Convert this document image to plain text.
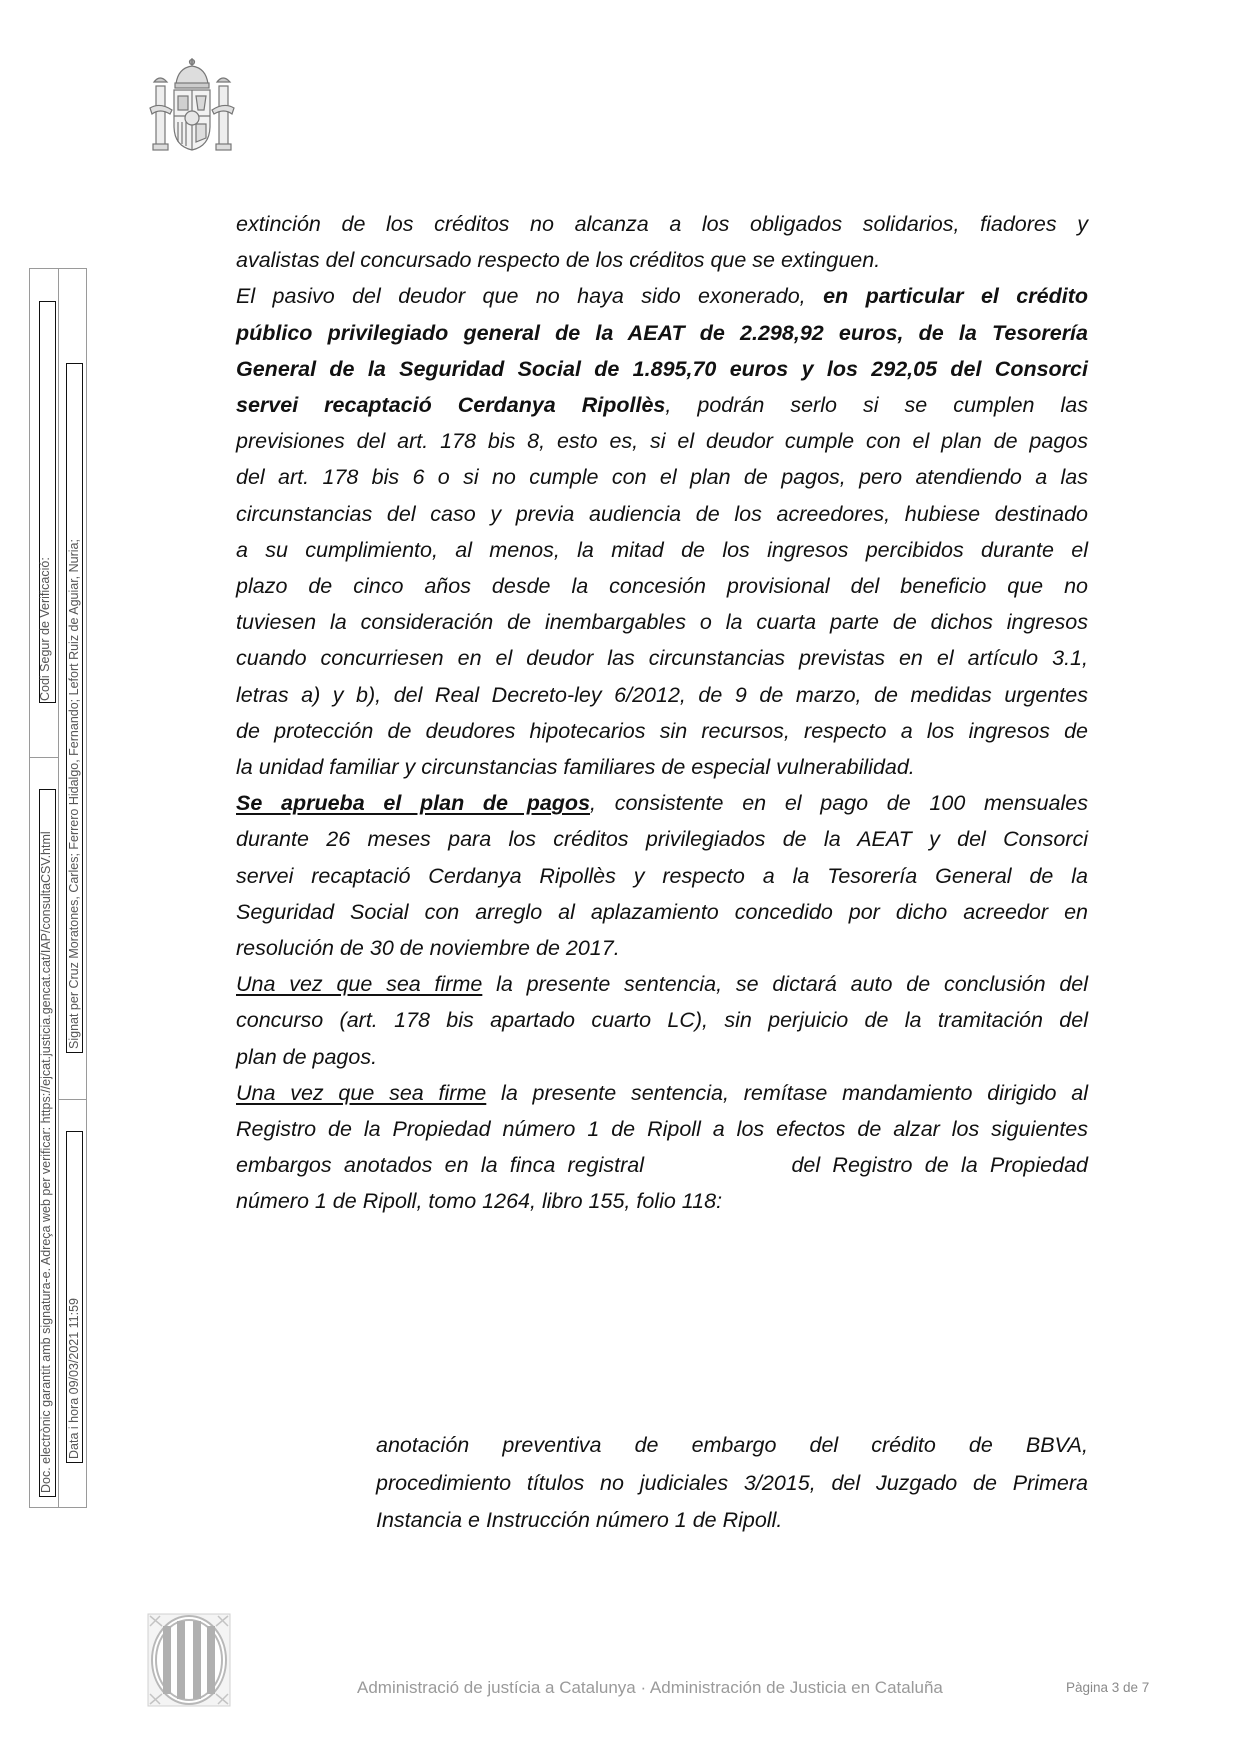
Codi Segur de Verificació:
Doc. electrònic garantit amb signatura-e. Adreça web per verificar: https://ejcat.justicia.gencat.cat/IAP/consultaCSV.html
Signat per Cruz Moratones, Carles; Ferrero Hidalgo, Fernando; Lefort Ruiz de Aguiar, Nuria;
Data i hora 09/03/2021 11:59
extinción de los créditos no alcanza a los obligados solidarios, fiadores y
avalistas del concursado respecto de los créditos que se extinguen.
El pasivo del deudor que no haya sido exonerado, en particular el crédito
público privilegiado general de la AEAT de 2.298,92 euros, de la Tesorería
General de la Seguridad Social de 1.895,70 euros y los 292,05 del Consorci
servei recaptació Cerdanya Ripollès, podrán serlo si se cumplen las
previsiones del art. 178 bis 8, esto es, si el deudor cumple con el plan de pagos
del art. 178 bis 6 o si no cumple con el plan de pagos, pero atendiendo a las
circunstancias del caso y previa audiencia de los acreedores, hubiese destinado
a su cumplimiento, al menos, la mitad de los ingresos percibidos durante el
plazo de cinco años desde la concesión provisional del beneficio que no
tuviesen la consideración de inembargables o la cuarta parte de dichos ingresos
cuando concurriesen en el deudor las circunstancias previstas en el artículo 3.1,
letras a) y b), del Real Decreto-ley 6/2012, de 9 de marzo, de medidas urgentes
de protección de deudores hipotecarios sin recursos, respecto a los ingresos de
la unidad familiar y circunstancias familiares de especial vulnerabilidad.
Se aprueba el plan de pagos, consistente en el pago de 100 mensuales
durante 26 meses para los créditos privilegiados de la AEAT y del Consorci
servei recaptació Cerdanya Ripollès y respecto a la Tesorería General de la
Seguridad Social con arreglo al aplazamiento concedido por dicho acreedor en
resolución de 30 de noviembre de 2017.
Una vez que sea firme la presente sentencia, se dictará auto de conclusión del
concurso (art. 178 bis apartado cuarto LC), sin perjuicio de la tramitación del
plan de pagos.
Una vez que sea firme la presente sentencia, remítase mandamiento dirigido al
Registro de la Propiedad número 1 de Ripoll a los efectos de alzar los siguientes
embargos anotados en la finca registral            del Registro de la Propiedad
número 1 de Ripoll, tomo 1264, libro 155, folio 118:
anotación preventiva de embargo del crédito de BBVA,
procedimiento títulos no judiciales 3/2015, del Juzgado de Primera
Instancia e Instrucción número 1 de Ripoll.
Administració de justícia a Catalunya · Administración de Justicia en Cataluña	Pàgina 3 de 7
